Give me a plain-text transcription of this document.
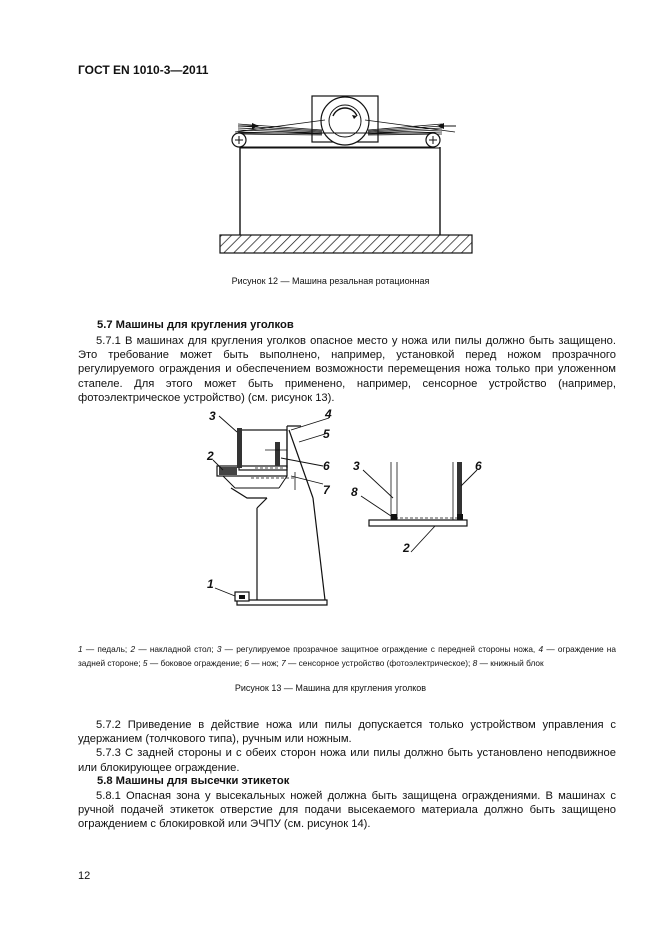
ГОСТ EN 1010-3—2011
Рисунок 12 — Машина резальная ротационная
5.7 Машины для кругления уголков

5.7.1 В машинах для кругления уголков опасное место у ножа или пилы должно быть защищено. Это требование может быть выполнено, например, установкой перед ножом прозрачного регулируемого ограждения и обеспечением возможности перемещения ножа только при уложенном стапеле. Для этого может быть применено, например, сенсорное устройство (например, фотоэлектрическое устройство) (см. рисунок 13).

3	4
5
6
7
2
1
3	6
8
2
1 — педаль; 2 — накладной стол; 3 — регулируемое прозрачное защитное ограждение с передней стороны ножа, 4 — ограждение на задней стороне; 5 — боковое ограждение; 6 — нож; 7 — сенсорное устройство (фотоэлектрическое); 8 — книжный блок
Рисунок 13 — Машина для кругления уголков

5.7.2 Приведение в действие ножа или пилы допускается только устройством управления с удержанием (толчкового типа), ручным или ножным.

5.7.3 С задней стороны и с обеих сторон ножа или пилы должно быть установлено неподвижное или блокирующее ограждение.

5.8 Машины для высечки этикеток

5.8.1 Опасная зона у высекальных ножей должна быть защищена ограждениями. В машинах с ручной подачей этикеток отверстие для подачи высекаемого материала должно быть защищено ограждением с блокировкой или ЭЧПУ (см. рисунок 14).

12
